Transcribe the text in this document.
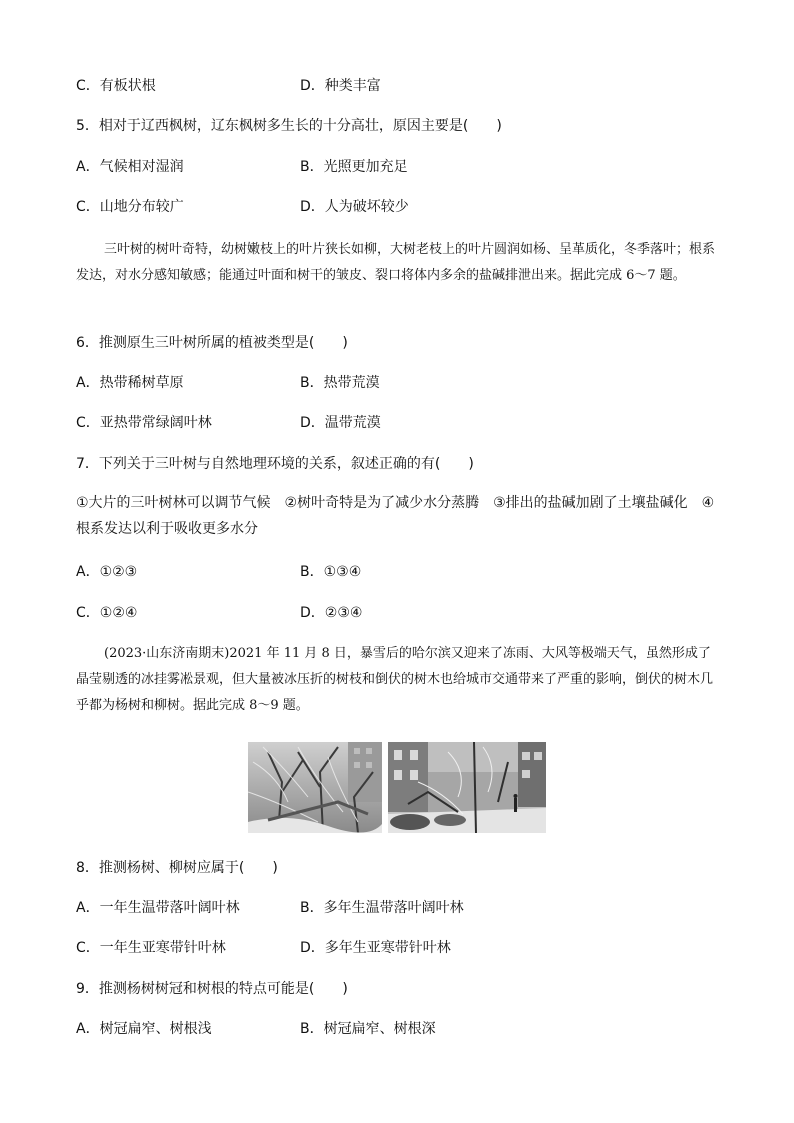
C．有板状根	D．种类丰富
5．相对于辽西枫树，辽东枫树多生长的十分高壮，原因主要是(　　)
A．气候相对湿润	B．光照更加充足
C．山地分布较广	D．人为破坏较少
三叶树的树叶奇特，幼树嫩枝上的叶片狭长如柳，大树老枝上的叶片圆润如杨、呈革质化，冬季落叶；根系发达，对水分感知敏感；能通过叶面和树干的皱皮、裂口将体内多余的盐碱排泄出来。据此完成 6～7 题。
6．推测原生三叶树所属的植被类型是(　　)
A．热带稀树草原	B．热带荒漠
C．亚热带常绿阔叶林	D．温带荒漠
7．下列关于三叶树与自然地理环境的关系，叙述正确的有(　　)
①大片的三叶树林可以调节气候　②树叶奇特是为了减少水分蒸腾　③排出的盐碱加剧了土壤盐碱化　④根系发达以利于吸收更多水分
A．①②③	B．①③④
C．①②④	D．②③④
(2023·山东济南期末)2021 年 11 月 8 日，暴雪后的哈尔滨又迎来了冻雨、大风等极端天气，虽然形成了晶莹剔透的冰挂雾凇景观，但大量被冰压折的树枝和倒伏的树木也给城市交通带来了严重的影响，倒伏的树木几乎都为杨树和柳树。据此完成 8～9 题。
8．推测杨树、柳树应属于(　　)
A．一年生温带落叶阔叶林	B．多年生温带落叶阔叶林
C．一年生亚寒带针叶林	D．多年生亚寒带针叶林
9．推测杨树树冠和树根的特点可能是(　　)
A．树冠扁窄、树根浅	B．树冠扁窄、树根深
